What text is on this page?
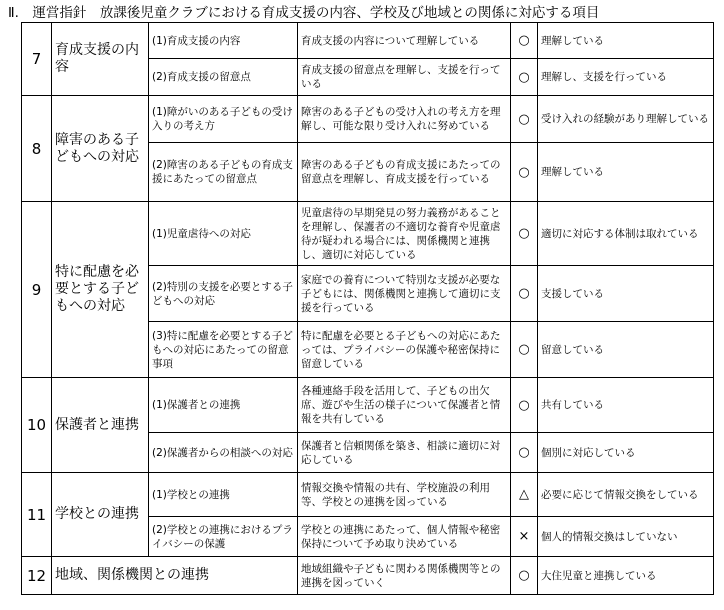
Ⅱ.　運営指針　放課後児童クラブにおける育成支援の内容、学校及び地域との関係に対応する項目
7	育成支援の内容	(1)育成支援の内容	育成支援の内容について理解している	○	理解している
		(2)育成支援の留意点	育成支援の留意点を理解し、支援を行っている	○	理解し、支援を行っている
8	障害のある子どもへの対応	(1)障がいのある子どもの受け入りの考え方	障害のある子どもの受け入れの考え方を理解し、可能な限り受け入れに努めている	○	受け入れの経験があり理解している
		(2)障害のある子どもの育成支援にあたっての留意点	障害のある子どもの育成支援にあたっての留意点を理解し、育成支援を行っている	○	理解している
9	特に配慮を必要とする子どもへの対応	(1)児童虐待への対応	児童虐待の早期発見の努力義務があることを理解し、保護者の不適切な養育や児童虐待が疑われる場合には、関係機関と連携し、適切に対応している	○	適切に対応する体制は取れている
		(2)特別の支援を必要とする子どもへの対応	家庭での養育について特別な支援が必要な子どもには、関係機関と連携して適切に支援を行っている	○	支援している
		(3)特に配慮を必要とする子どもへの対応にあたっての留意事項	特に配慮を必要とる子どもへの対応にあたっては、プライバシーの保護や秘密保持に留意している	○	留意している
10	保護者と連携	(1)保護者との連携	各種連絡手段を活用して、子どもの出欠席、遊びや生活の様子について保護者と情報を共有している	○	共有している
		(2)保護者からの相談への対応	保護者と信頼関係を築き、相談に適切に対応している	○	個別に対応している
11	学校との連携	(1)学校との連携	情報交換や情報の共有、学校施設の利用等、学校との連携を図っている	△	必要に応じて情報交換をしている
		(2)学校との連携におけるプライバシーの保護	学校との連携にあたって、個人情報や秘密保持について予め取り決めている	×	個人的情報交換はしていない
12	地域、関係機関との連携		地域組織や子どもに関わる関係機関等との連携を図っていく	○	大住児童と連携している
